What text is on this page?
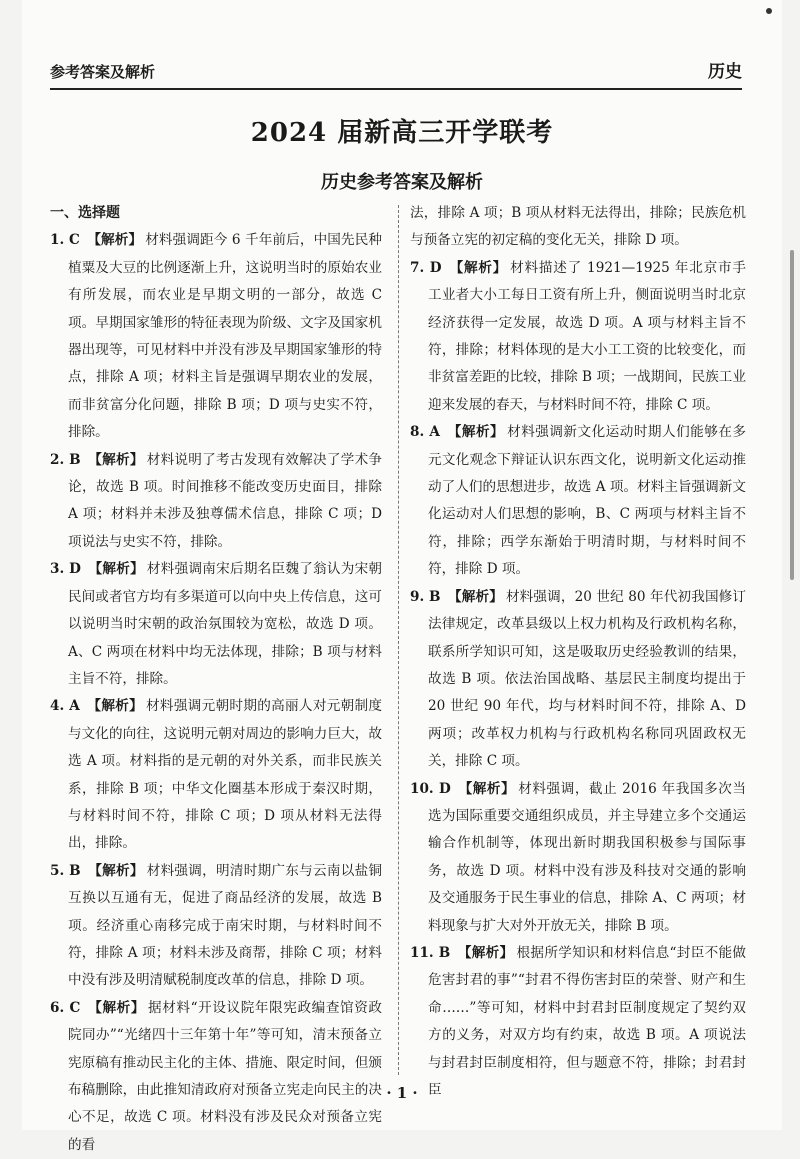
参考答案及解析	历史
2024 届新高三开学联考
历史参考答案及解析
一、选择题

1. C 【解析】 材料强调距今 6 千年前后，中国先民种植粟及大豆的比例逐渐上升，这说明当时的原始农业有所发展，而农业是早期文明的一部分，故选 C 项。早期国家雏形的特征表现为阶级、文字及国家机器出现等，可见材料中并没有涉及早期国家雏形的特点，排除 A 项；材料主旨是强调早期农业的发展，而非贫富分化问题，排除 B 项；D 项与史实不符，排除。

2. B 【解析】 材料说明了考古发现有效解决了学术争论，故选 B 项。时间推移不能改变历史面目，排除 A 项；材料并未涉及独尊儒术信息，排除 C 项；D 项说法与史实不符，排除。

3. D 【解析】 材料强调南宋后期名臣魏了翁认为宋朝民间或者官方均有多渠道可以向中央上传信息，这可以说明当时宋朝的政治氛围较为宽松，故选 D 项。A、C 两项在材料中均无法体现，排除；B 项与材料主旨不符，排除。

4. A 【解析】 材料强调元朝时期的高丽人对元朝制度与文化的向往，这说明元朝对周边的影响力巨大，故选 A 项。材料指的是元朝的对外关系，而非民族关系，排除 B 项；中华文化圈基本形成于秦汉时期，与材料时间不符，排除 C 项；D 项从材料无法得出，排除。

5. B 【解析】 材料强调，明清时期广东与云南以盐铜互换以互通有无，促进了商品经济的发展，故选 B 项。经济重心南移完成于南宋时期，与材料时间不符，排除 A 项；材料未涉及商帮，排除 C 项；材料中没有涉及明清赋税制度改革的信息，排除 D 项。

6. C 【解析】 据材料“开设议院年限宪政编查馆资政院同办”“光绪四十三年第十年”等可知，清末预备立宪原稿有推动民主化的主体、措施、限定时间，但颁布稿删除，由此推知清政府对预备立宪走向民主的决心不足，故选 C 项。材料没有涉及民众对预备立宪的看

法，排除 A 项；B 项从材料无法得出，排除；民族危机与预备立宪的初定稿的变化无关，排除 D 项。

7. D 【解析】 材料描述了 1921—1925 年北京市手工业者大小工每日工资有所上升，侧面说明当时北京经济获得一定发展，故选 D 项。A 项与材料主旨不符，排除；材料体现的是大小工工资的比较变化，而非贫富差距的比较，排除 B 项；一战期间，民族工业迎来发展的春天，与材料时间不符，排除 C 项。

8. A 【解析】 材料强调新文化运动时期人们能够在多元文化观念下辩证认识东西文化，说明新文化运动推动了人们的思想进步，故选 A 项。材料主旨强调新文化运动对人们思想的影响，B、C 两项与材料主旨不符，排除；西学东渐始于明清时期，与材料时间不符，排除 D 项。

9. B 【解析】 材料强调，20 世纪 80 年代初我国修订法律规定，改革县级以上权力机构及行政机构名称，联系所学知识可知，这是吸取历史经验教训的结果，故选 B 项。依法治国战略、基层民主制度均提出于 20 世纪 90 年代，均与材料时间不符，排除 A、D 两项；改革权力机构与行政机构名称同巩固政权无关，排除 C 项。

10. D 【解析】 材料强调，截止 2016 年我国多次当选为国际重要交通组织成员，并主导建立多个交通运输合作机制等，体现出新时期我国积极参与国际事务，故选 D 项。材料中没有涉及科技对交通的影响及交通服务于民生事业的信息，排除 A、C 两项；材料现象与扩大对外开放无关，排除 B 项。

11. B 【解析】 根据所学知识和材料信息“封臣不能做危害封君的事”“封君不得伤害封臣的荣誉、财产和生命……”等可知，材料中封君封臣制度规定了契约双方的义务，对双方均有约束，故选 B 项。A 项说法与封君封臣制度相符，但与题意不符，排除；封君封臣

· 1 ·
